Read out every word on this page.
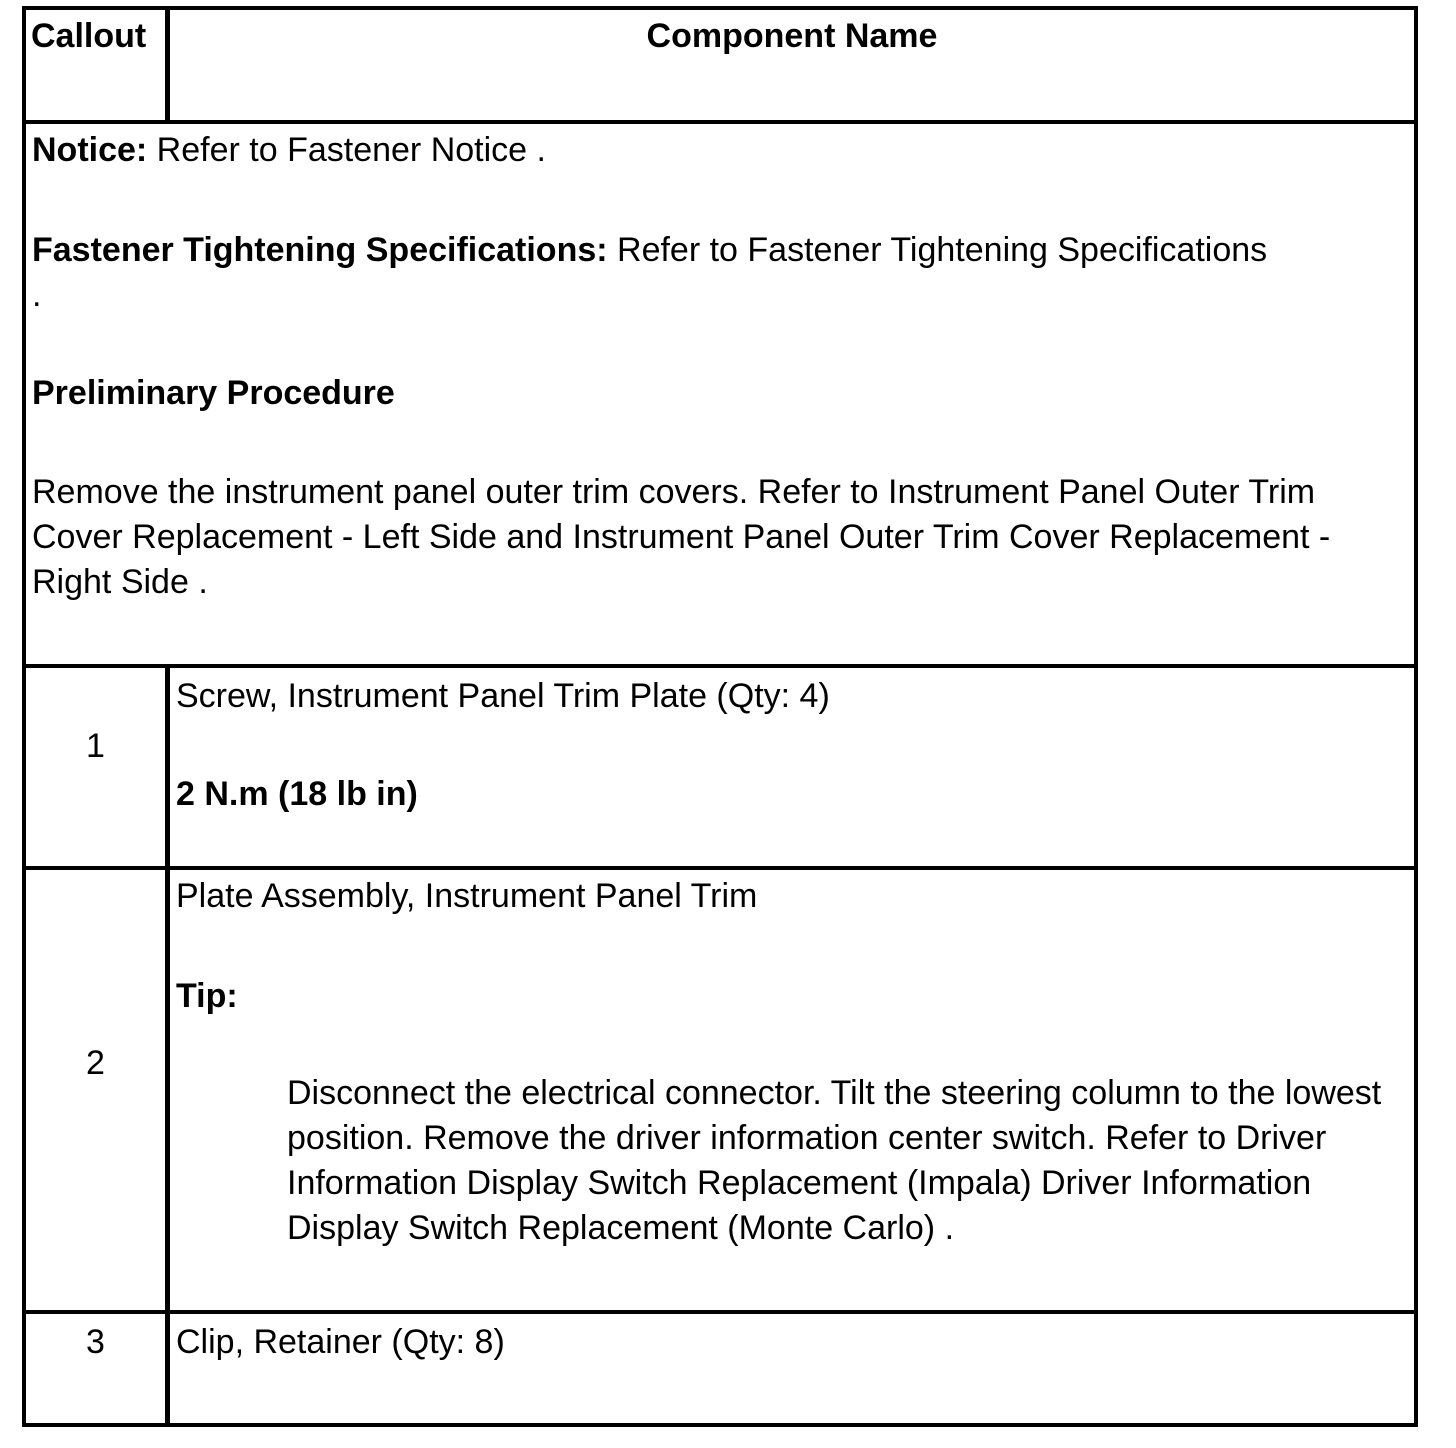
Callout	Component Name
Notice: Refer to Fastener Notice .
Fastener Tightening Specifications: Refer to Fastener Tightening Specifications
.
Preliminary Procedure
Remove the instrument panel outer trim covers. Refer to Instrument Panel Outer Trim Cover Replacement - Left Side and Instrument Panel Outer Trim Cover Replacement - Right Side .
1
Screw, Instrument Panel Trim Plate (Qty: 4)
2 N.m (18 lb in)
2
Plate Assembly, Instrument Panel Trim
Tip:
Disconnect the electrical connector. Tilt the steering column to the lowest position. Remove the driver information center switch. Refer to Driver Information Display Switch Replacement (Impala) Driver Information Display Switch Replacement (Monte Carlo) .
3	Clip, Retainer (Qty: 8)
